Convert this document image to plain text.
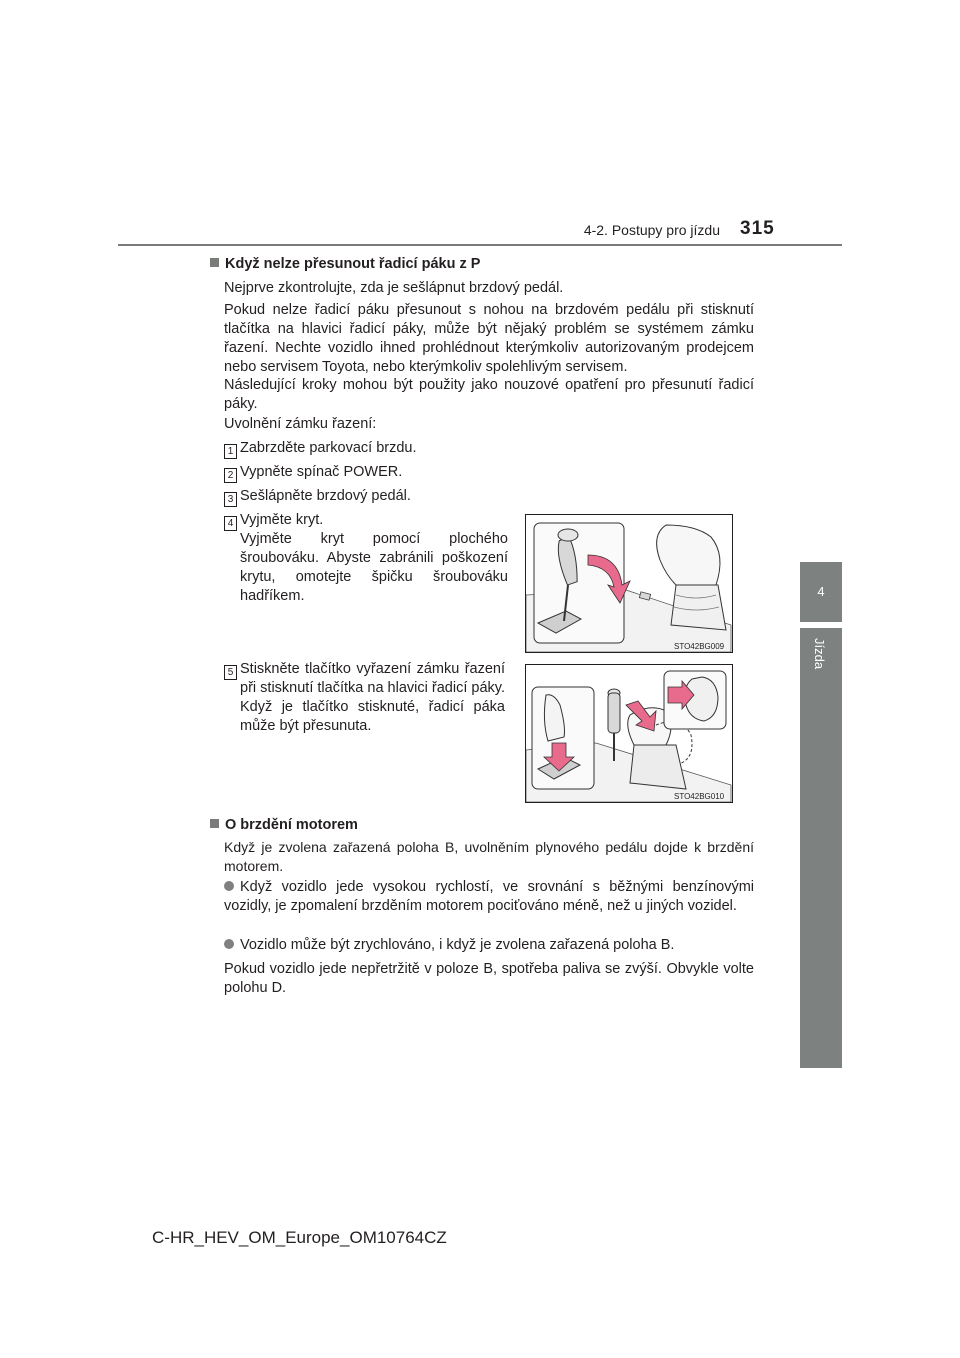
4-2. Postupy pro jízdu 315
4
Jízda
Když nelze přesunout řadicí páku z P
Nejprve zkontrolujte, zda je sešlápnut brzdový pedál.
Pokud nelze řadicí páku přesunout s nohou na brzdovém pedálu při stisknutí tlačítka na hlavici řadicí páky, může být nějaký problém se systémem zámku řazení. Nechte vozidlo ihned prohlédnout kterýmkoliv autorizovaným prodejcem nebo servisem Toyota, nebo kterýmkoliv spolehlivým servisem.
Následující kroky mohou být použity jako nouzové opatření pro přesunutí řadicí páky.
Uvolnění zámku řazení:
1 Zabrzděte parkovací brzdu.
2 Vypněte spínač POWER.
3 Sešlápněte brzdový pedál.
4 Vyjměte kryt.
Vyjměte kryt pomocí plochého šroubováku. Abyste zabránili poškození krytu, omotejte špičku šroubováku hadříkem.
STO42BG009
5 Stiskněte tlačítko vyřazení zámku řazení při stisknutí tlačítka na hlavici řadicí páky. Když je tlačítko stisknuté, řadicí páka může být přesunuta.
STO42BG010
O brzdění motorem
Když je zvolena zařazená poloha B, uvolněním plynového pedálu dojde k brzdění motorem.
Když vozidlo jede vysokou rychlostí, ve srovnání s běžnými benzínovými vozidly, je zpomalení brzděním motorem pociťováno méně, než u jiných vozidel.
Vozidlo může být zrychlováno, i když je zvolena zařazená poloha B.
Pokud vozidlo jede nepřetržitě v poloze B, spotřeba paliva se zvýší. Obvykle volte polohu D.
C-HR_HEV_OM_Europe_OM10764CZ
